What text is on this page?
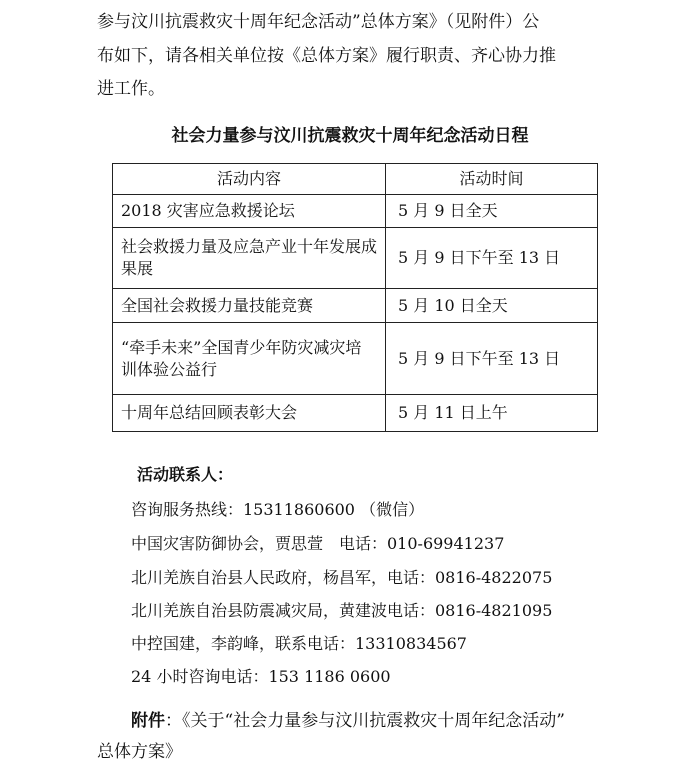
参与汶川抗震救灾十周年纪念活动”总体方案》（见附件）公
布如下，请各相关单位按《总体方案》履行职责、齐心协力推
进工作。
社会力量参与汶川抗震救灾十周年纪念活动日程
活动内容	活动时间
2018 灾害应急救援论坛	5 月 9 日全天
社会救援力量及应急产业十年发展成果展	5 月 9 日下午至 13 日
全国社会救援力量技能竞赛	5 月 10 日全天
“牵手未来”全国青少年防灾减灾培训体验公益行	5 月 9 日下午至 13 日
十周年总结回顾表彰大会	5 月 11 日上午
活动联系人：
咨询服务热线：15311860600 （微信）
中国灾害防御协会，贾思萱　电话：010-69941237
北川羌族自治县人民政府，杨昌军，电话：0816-4822075
北川羌族自治县防震减灾局，黄建波电话：0816-4821095
中控国建，李韵峰，联系电话：13310834567
24 小时咨询电话：153 1186 0600
附件：《关于“社会力量参与汶川抗震救灾十周年纪念活动”
总体方案》
